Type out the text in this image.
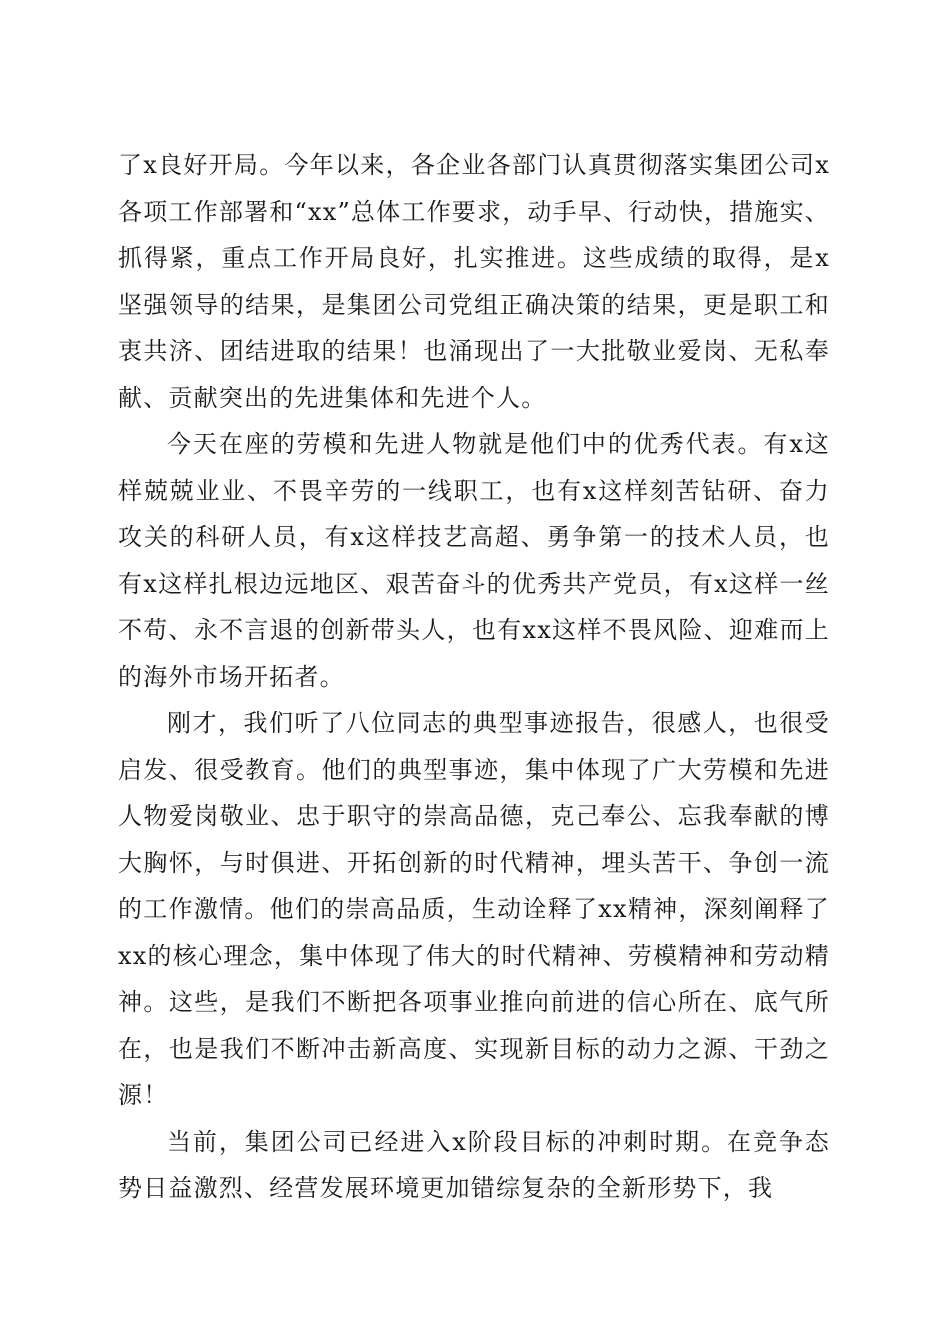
了x良好开局。今年以来，各企业各部门认真贯彻落实集团公司x各项工作部署和“xx”总体工作要求，动手早、行动快，措施实、抓得紧，重点工作开局良好，扎实推进。这些成绩的取得，是x坚强领导的结果，是集团公司党组正确决策的结果，更是职工和衷共济、团结进取的结果！也涌现出了一大批敬业爱岗、无私奉献、贡献突出的先进集体和先进个人。

今天在座的劳模和先进人物就是他们中的优秀代表。有x这样兢兢业业、不畏辛劳的一线职工，也有x这样刻苦钻研、奋力攻关的科研人员，有x这样技艺高超、勇争第一的技术人员，也有x这样扎根边远地区、艰苦奋斗的优秀共产党员，有x这样一丝不苟、永不言退的创新带头人，也有xx这样不畏风险、迎难而上的海外市场开拓者。

刚才，我们听了八位同志的典型事迹报告，很感人，也很受启发、很受教育。他们的典型事迹，集中体现了广大劳模和先进人物爱岗敬业、忠于职守的崇高品德，克己奉公、忘我奉献的博大胸怀，与时俱进、开拓创新的时代精神，埋头苦干、争创一流的工作激情。他们的崇高品质，生动诠释了xx精神，深刻阐释了xx的核心理念，集中体现了伟大的时代精神、劳模精神和劳动精神。这些，是我们不断把各项事业推向前进的信心所在、底气所在，也是我们不断冲击新高度、实现新目标的动力之源、干劲之源！

当前，集团公司已经进入x阶段目标的冲刺时期。在竞争态势日益激烈、经营发展环境更加错综复杂的全新形势下，我
